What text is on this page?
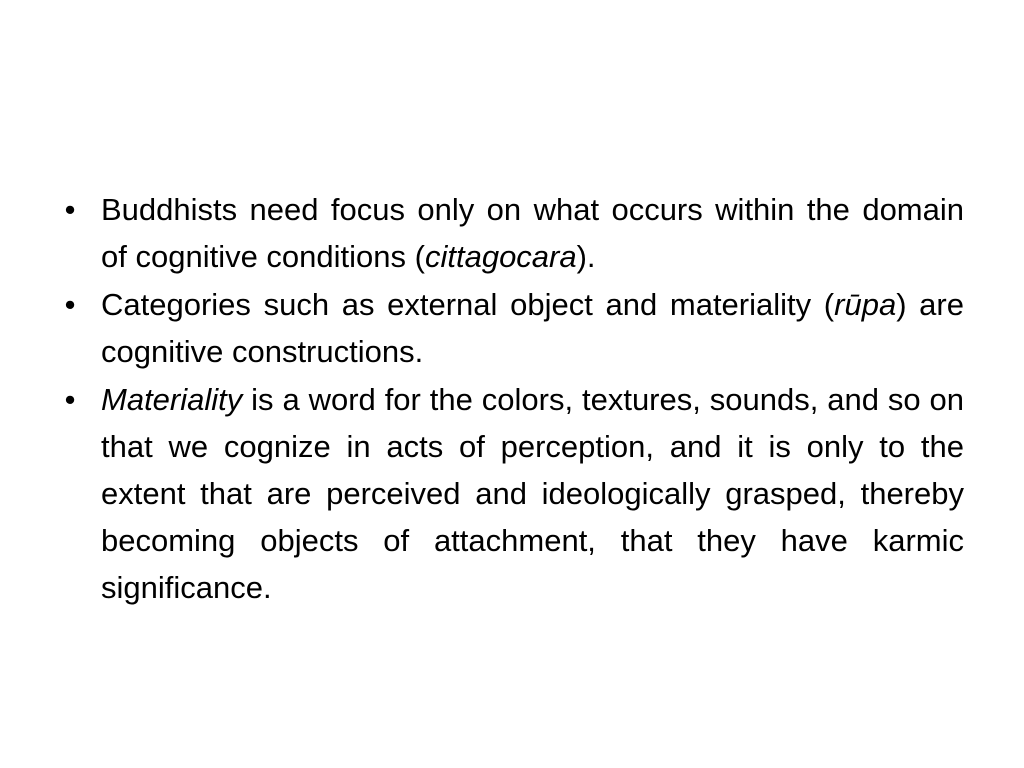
• Buddhists need focus only on what occurs within the domain of cognitive conditions (cittagocara).
• Categories such as external object and materiality (rūpa) are cognitive constructions.
• Materiality is a word for the colors, textures, sounds, and so on that we cognize in acts of perception, and it is only to the extent that are perceived and ideologically grasped, thereby becoming objects of attachment, that they have karmic significance.
